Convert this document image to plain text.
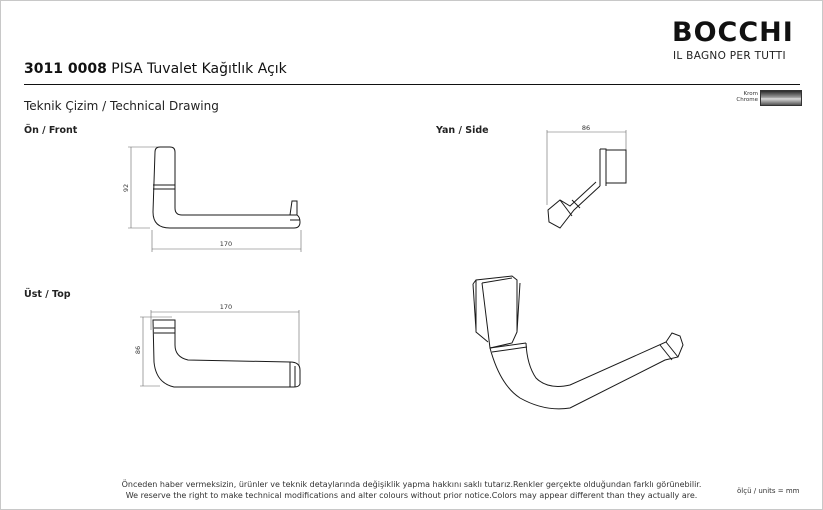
BOCCHI
IL BAGNO PER TUTTI
3011 0008 PISA Tuvalet Kağıtlık Açık
Teknik Çizim / Technical Drawing
Krom
Chrome
Ön / Front	Yan / Side
Üst / Top
92
170
86
170
86
Önceden haber vermeksizin, ürünler ve teknik detaylarında değişiklik yapma hakkını saklı tutarız.Renkler gerçekte olduğundan farklı görünebilir.
We reserve the right to make technical modifications and alter colours without prior notice.Colors may appear different than they actually are.	ölçü / units = mm
